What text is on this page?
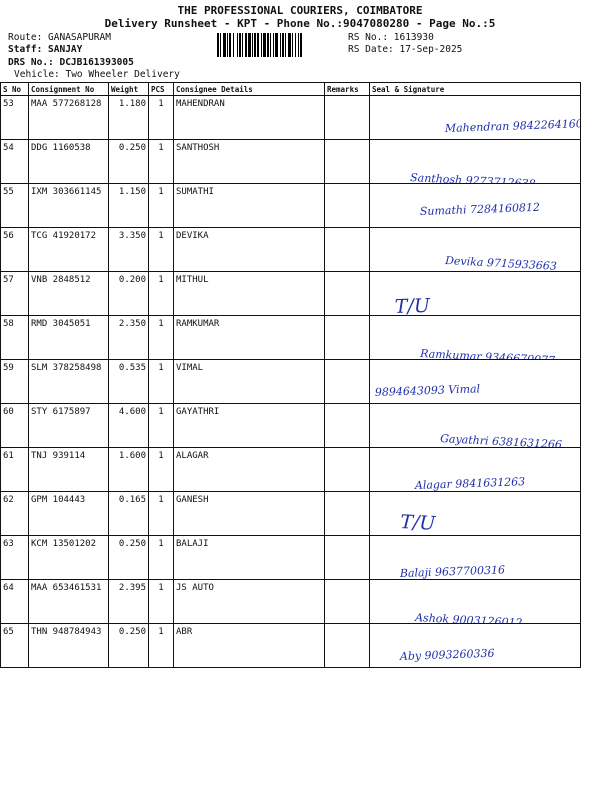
THE PROFESSIONAL COURIERS, COIMBATORE
Delivery Runsheet - KPT - Phone No.:9047080280 - Page No.:5
Route: GANASAPURAM
Staff: SANJAY
DRS No.: DCJB161393005
Vehicle: Two Wheeler Delivery
RS No.: 1613930
RS Date: 17-Sep-2025
S No	Consignment No	Weight	PCS	Consignee Details	Remarks	Seal & Signature
53	MAA 577268128	1.180	1	MAHENDRAN		Mahendran 9842264160

54	DDG 1160538	0.250	1	SANTHOSH		Santhosh 9273712638

55	IXM 303661145	1.150	1	SUMATHI		Sumathi 7284160812

56	TCG 41920172	3.350	1	DEVIKA		Devika 9715933663

57	VNB 2848512	0.200	1	MITHUL		T/U

58	RMD 3045051	2.350	1	RAMKUMAR		Ramkumar 9346670077

59	SLM 378258498	0.535	1	VIMAL		9894643093 Vimal

60	STY 6175897	4.600	1	GAYATHRI		Gayathri 6381631266

61	TNJ 939114	1.600	1	ALAGAR		Alagar 9841631263

62	GPM 104443	0.165	1	GANESH		T/U

63	KCM 13501202	0.250	1	BALAJI		Balaji 9637700316

64	MAA 653461531	2.395	1	JS AUTO		Ashok 9003126012

65	THN 948784943	0.250	1	ABR		Aby 9093260336
